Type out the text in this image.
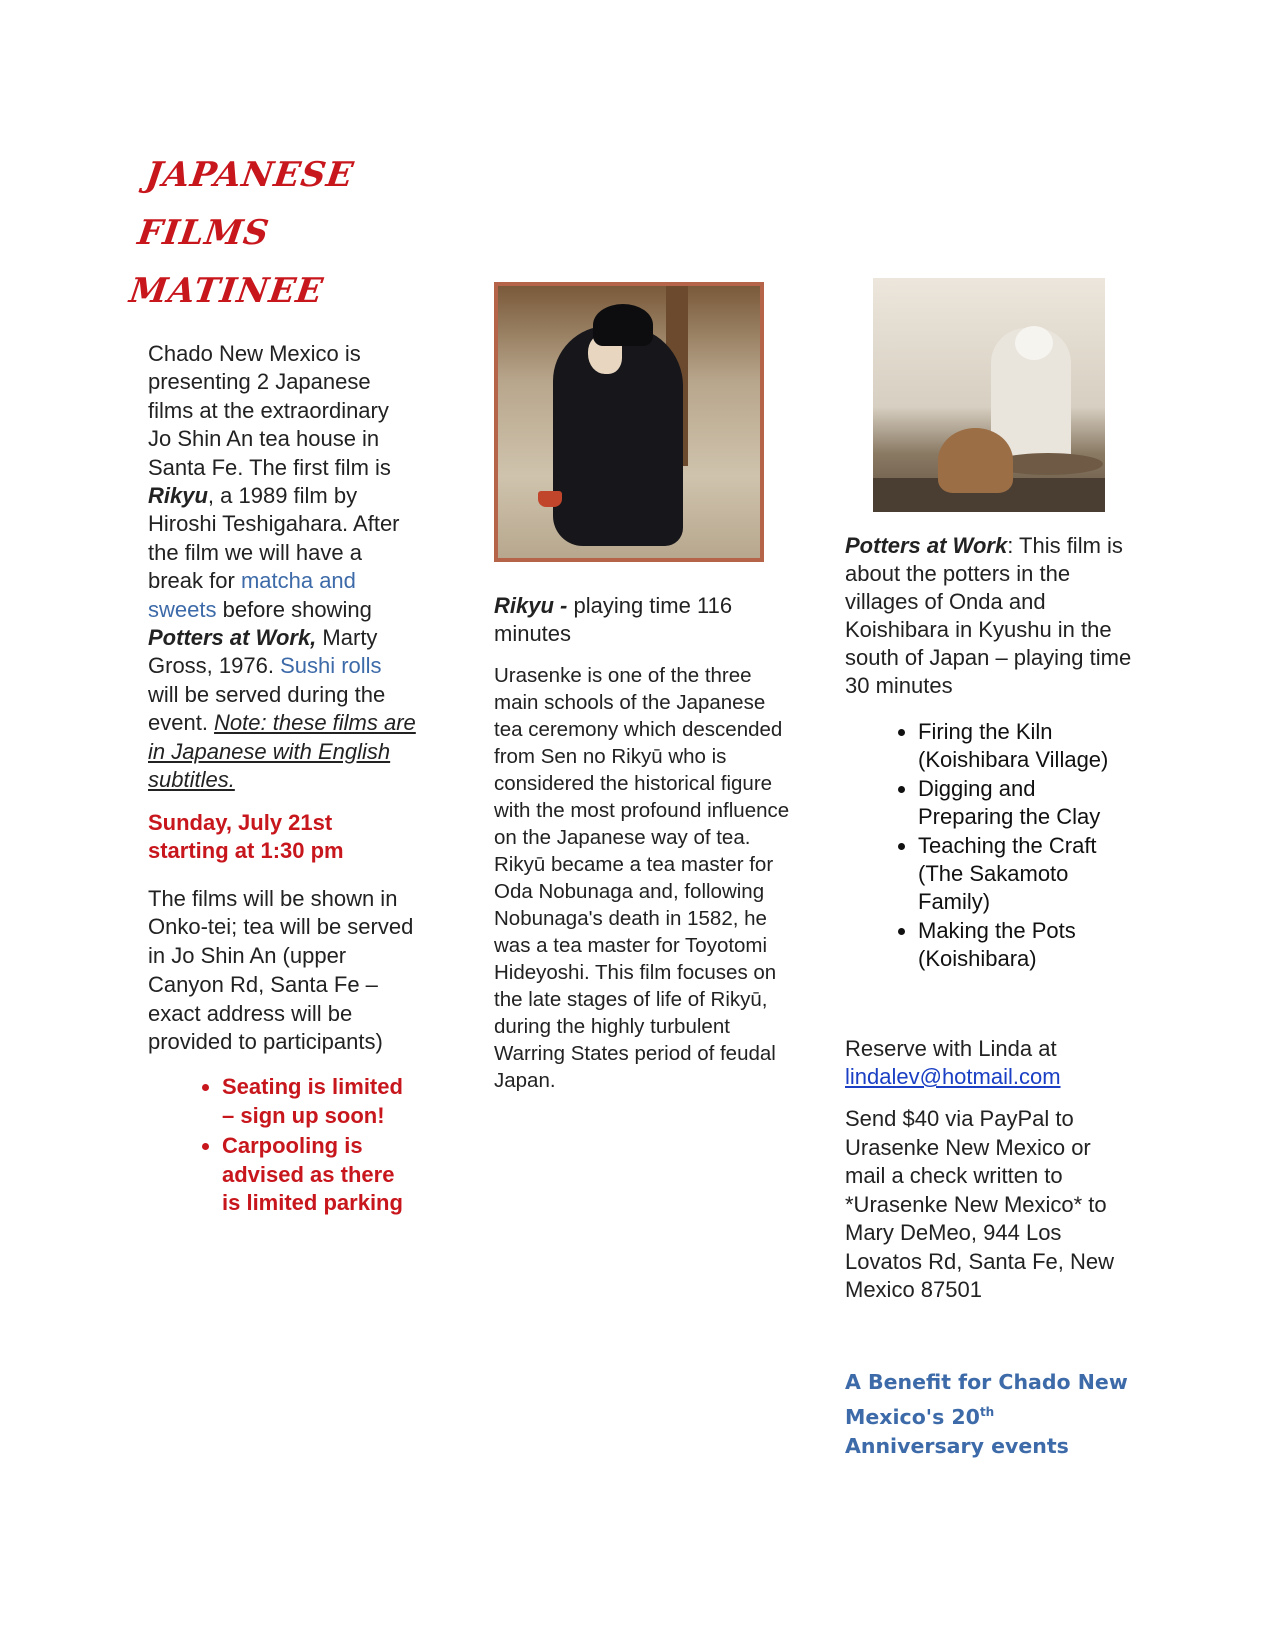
JAPANESE
FILMS
MATINEE

Chado New Mexico is presenting 2 Japanese films at the extraordinary Jo Shin An tea house in Santa Fe. The first film is Rikyu, a 1989 film by Hiroshi Teshigahara. After the film we will have a break for matcha and sweets before showing Potters at Work, Marty Gross, 1976. Sushi rolls will be served during the event. Note: these films are in Japanese with English subtitles.

Sunday, July 21st
starting at 1:30 pm

The films will be shown in Onko-tei; tea will be served in Jo Shin An (upper Canyon Rd, Santa Fe – exact address will be provided to participants)

• Seating is limited – sign up soon!
• Carpooling is advised as there is limited parking

Rikyu - playing time 116 minutes

Urasenke is one of the three main schools of the Japanese tea ceremony which descended from Sen no Rikyū who is considered the historical figure with the most profound influence on the Japanese way of tea. Rikyū became a tea master for Oda Nobunaga and, following Nobunaga's death in 1582, he was a tea master for Toyotomi Hideyoshi. This film focuses on the late stages of life of Rikyū, during the highly turbulent Warring States period of feudal Japan.

Potters at Work: This film is about the potters in the villages of Onda and Koishibara in Kyushu in the south of Japan – playing time 30 minutes

• Firing the Kiln (Koishibara Village)
• Digging and Preparing the Clay
• Teaching the Craft (The Sakamoto Family)
• Making the Pots (Koishibara)

Reserve with Linda at
lindalev@hotmail.com

Send $40 via PayPal to Urasenke New Mexico or mail a check written to *Urasenke New Mexico* to Mary DeMeo, 944 Los Lovatos Rd, Santa Fe, New Mexico 87501

A Benefit for Chado New Mexico's 20th Anniversary events
